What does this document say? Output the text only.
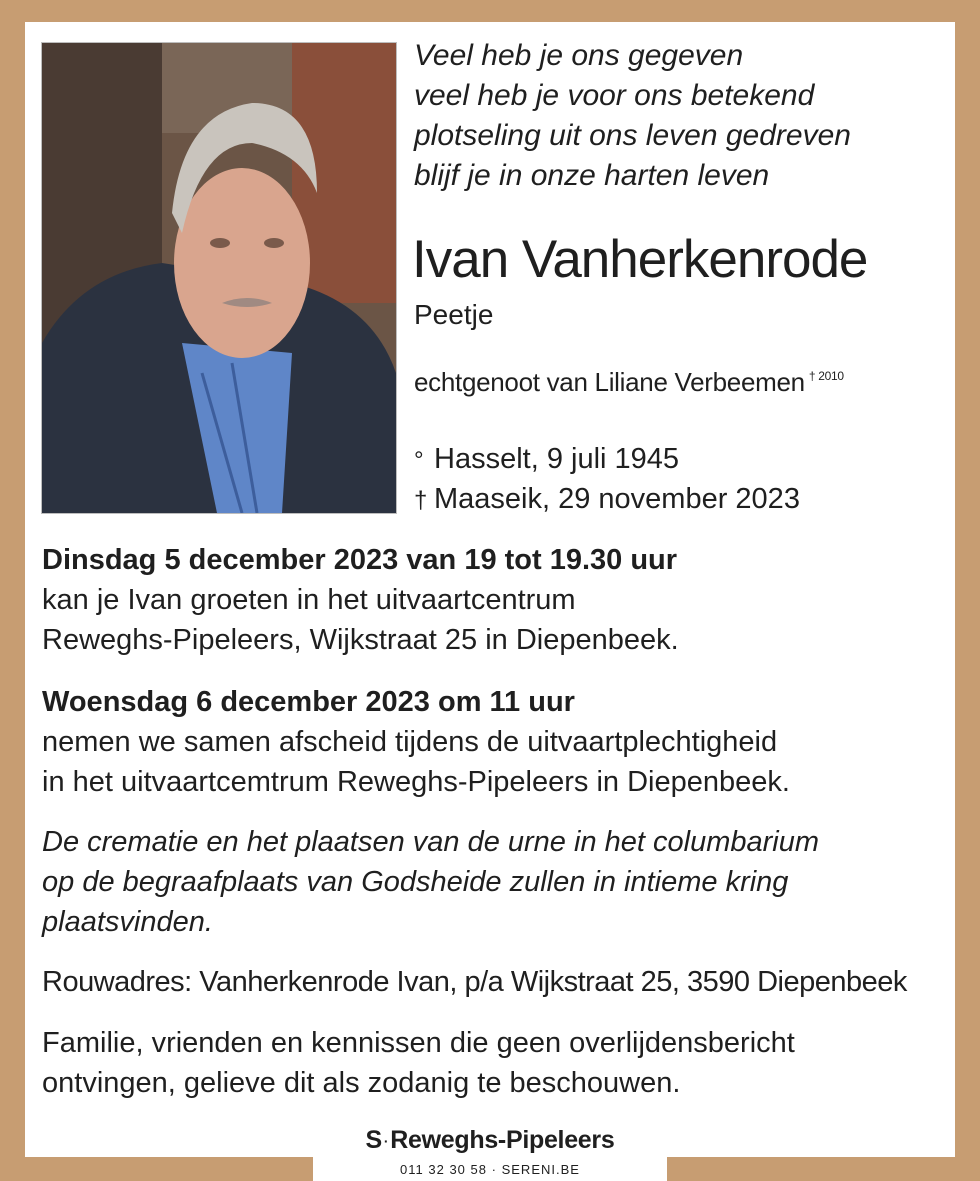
Veel heb je ons gegeven
veel heb je voor ons betekend
plotseling uit ons leven gedreven
blijf je in onze harten leven

Ivan Vanherkenrode
Peetje
echtgenoot van Liliane Verbeemen $^{\dagger 2010}$
° Hasselt, 9 juli 1945
† Maaseik, 29 november 2023
Dinsdag 5 december 2023 van 19 tot 19.30 uur
kan je Ivan groeten in het uitvaartcentrum
Reweghs-Pipeleers, Wijkstraat 25 in Diepenbeek.
Woensdag 6 december 2023 om 11 uur
nemen we samen afscheid tijdens de uitvaartplechtigheid
in het uitvaartcemtrum Reweghs-Pipeleers in Diepenbeek.
De crematie en het plaatsen van de urne in het columbarium
op de begraafplaats van Godsheide zullen in intieme kring
plaatsvinden.
Rouwadres: Vanherkenrode Ivan, p/a Wijkstraat 25, 3590 Diepenbeek
Familie, vrienden en kennissen die geen overlijdensbericht
ontvingen, gelieve dit als zodanig te beschouwen.
S ·Reweghs-Pipeleers
011 32 30 58 · SERENI.BE
